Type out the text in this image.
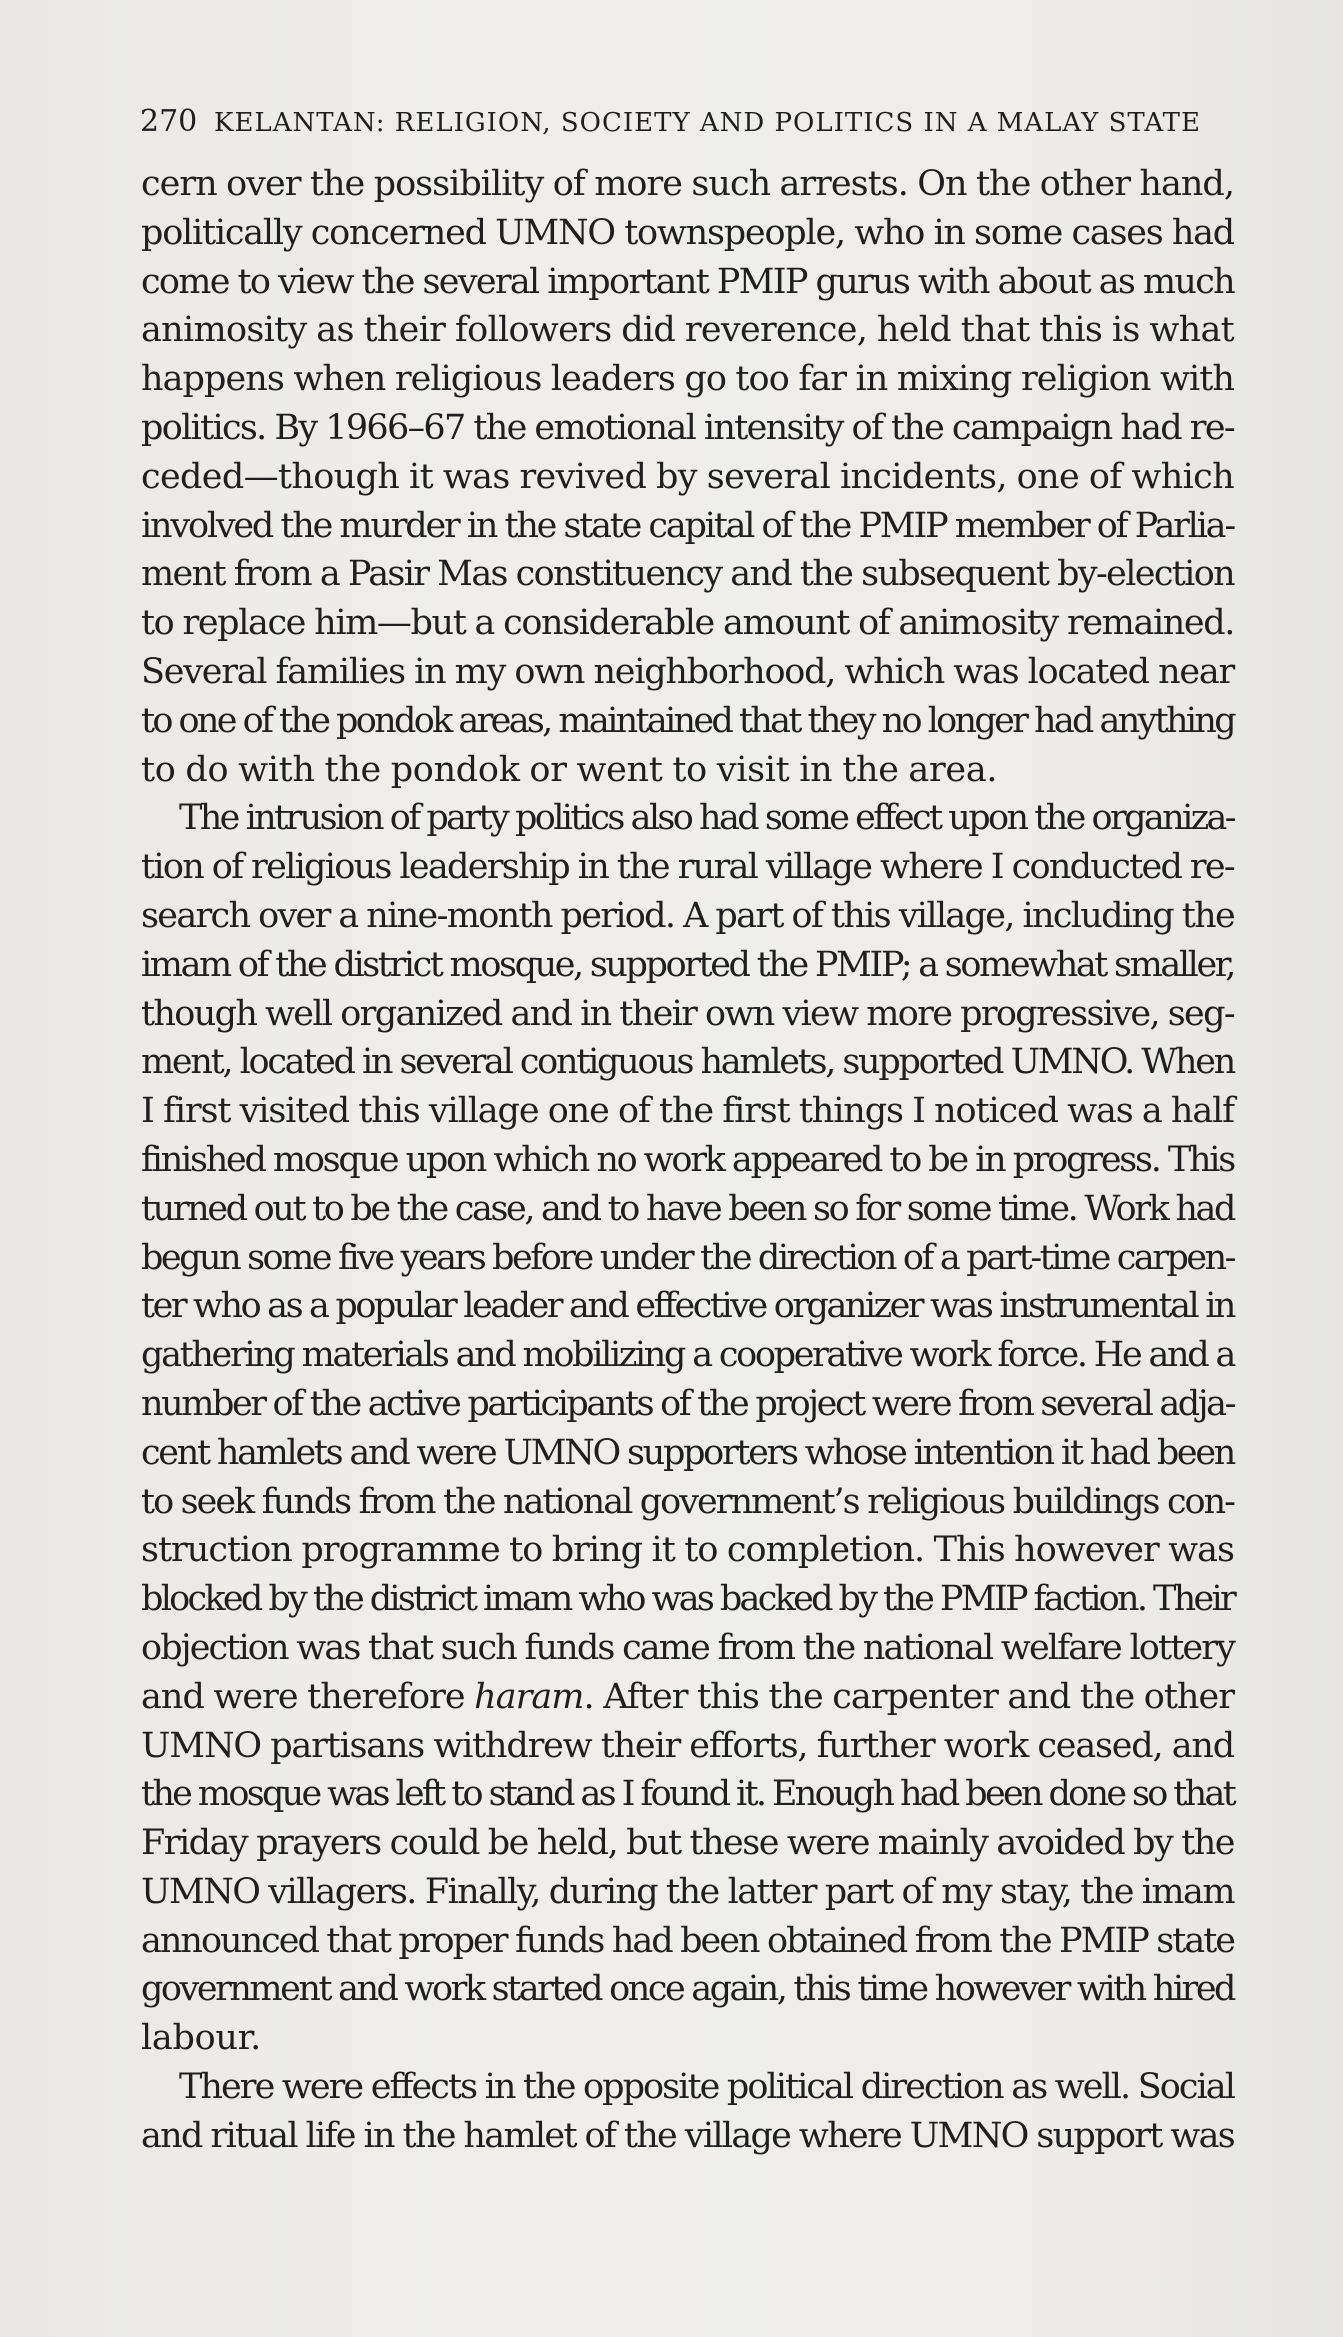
270 KELANTAN: RELIGION, SOCIETY AND POLITICS IN A MALAY STATE
cern over the possibility of more such arrests. On the other hand,
politically concerned UMNO townspeople, who in some cases had
come to view the several important PMIP gurus with about as much
animosity as their followers did reverence, held that this is what
happens when religious leaders go too far in mixing religion with
politics. By 1966–67 the emotional intensity of the campaign had re-
ceded—though it was revived by several incidents, one of which
involved the murder in the state capital of the PMIP member of Parlia-
ment from a Pasir Mas constituency and the subsequent by-election
to replace him—but a considerable amount of animosity remained.
Several families in my own neighborhood, which was located near
to one of the pondok areas, maintained that they no longer had anything
to do with the pondok or went to visit in the area.
The intrusion of party politics also had some effect upon the organiza-
tion of religious leadership in the rural village where I conducted re-
search over a nine-month period. A part of this village, including the
imam of the district mosque, supported the PMIP; a somewhat smaller,
though well organized and in their own view more progressive, seg-
ment, located in several contiguous hamlets, supported UMNO. When
I first visited this village one of the first things I noticed was a half
finished mosque upon which no work appeared to be in progress. This
turned out to be the case, and to have been so for some time. Work had
begun some five years before under the direction of a part-time carpen-
ter who as a popular leader and effective organizer was instrumental in
gathering materials and mobilizing a cooperative work force. He and a
number of the active participants of the project were from several adja-
cent hamlets and were UMNO supporters whose intention it had been
to seek funds from the national government’s religious buildings con-
struction programme to bring it to completion. This however was
blocked by the district imam who was backed by the PMIP faction. Their
objection was that such funds came from the national welfare lottery
and were therefore haram. After this the carpenter and the other
UMNO partisans withdrew their efforts, further work ceased, and
the mosque was left to stand as I found it. Enough had been done so that
Friday prayers could be held, but these were mainly avoided by the
UMNO villagers. Finally, during the latter part of my stay, the imam
announced that proper funds had been obtained from the PMIP state
government and work started once again, this time however with hired
labour.
There were effects in the opposite political direction as well. Social
and ritual life in the hamlet of the village where UMNO support was
